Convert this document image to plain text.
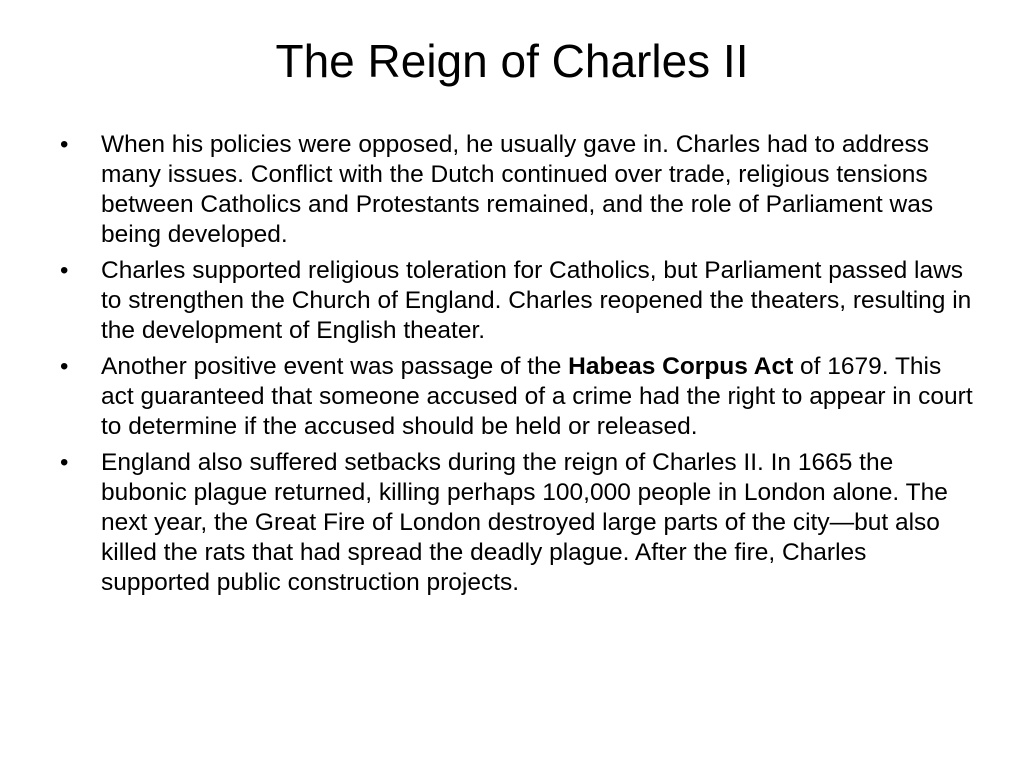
The Reign of Charles II
• When his policies were opposed, he usually gave in. Charles had to address many issues. Conflict with the Dutch continued over trade, religious tensions between Catholics and Protestants remained, and the role of Parliament was being developed.
• Charles supported religious toleration for Catholics, but Parliament passed laws to strengthen the Church of England. Charles reopened the theaters, resulting in the development of English theater.
• Another positive event was passage of the Habeas Corpus Act of 1679. This act guaranteed that someone accused of a crime had the right to appear in court to determine if the accused should be held or released.
• England also suffered setbacks during the reign of Charles II. In 1665 the bubonic plague returned, killing perhaps 100,000 people in London alone. The next year, the Great Fire of London destroyed large parts of the city—but also killed the rats that had spread the deadly plague. After the fire, Charles supported public construction projects.
